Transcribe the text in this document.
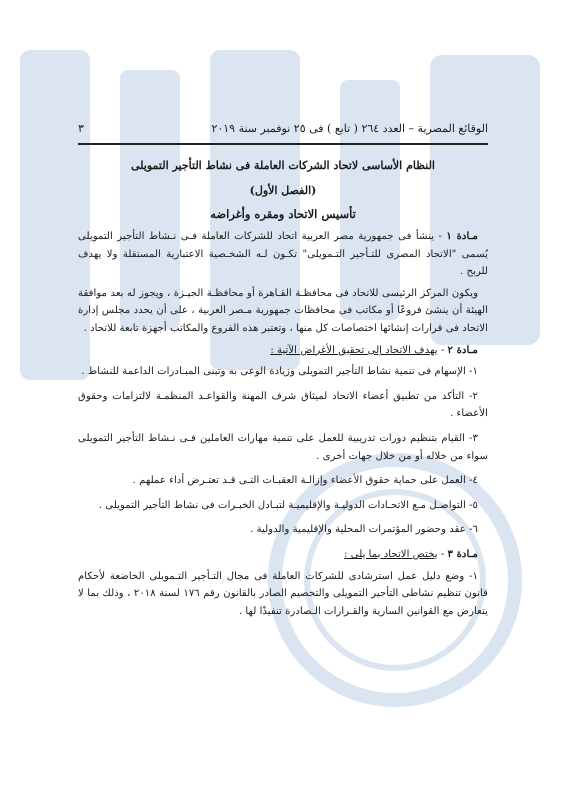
الوقائع المصرية – العدد ٢٦٤ ( تابع ) فى ٢٥ نوفمبر سنة ٢٠١٩
٣
النظام الأساسى لاتحاد الشركات العاملة فى نشاط التأجير التمويلى
(الفصل الأول)
تأسيس الاتحاد ومقره وأغراضه

مـادة ١ - ينشأ فى جمهورية مصر العربية اتحاد للشركات العاملة فـى نـشاط التأجير التمويلى يُسمى "الاتحاد المصرى للتـأجير التـمويلى" تكـون لـه الشخـصية الاعتبارية المستقلة ولا يهدف للربح .

ويكون المركز الرئيسى للاتحاد فى محافظـة القـاهرة أو محافظـة الجيـزة ، ويجوز له بعد موافقة الهيئة أن ينشئ فروعًا أو مكاتب فى محافظات جمهورية مـصر العربية ، على أن يحدد مجلس إدارة الاتحاد فى قرارات إنشائها اختصاصات كل منها ، وتعتبر هذه الفروع والمكاتب أجهزة تابعة للاتحاد .

مـادة ٢ - يهدف الاتحاد إلى تحقيق الأغراض الآتية :

١- الإسهام فى تنمية نشاط التأجير التمويلى وزيادة الوعى به وتبنى المبـادرات الداعمة للنشاط .

٢- التأكد من تطبيق أعضاء الاتحاد لميثاق شرف المهنة والقواعـد المنظمـة لالتزامات وحقوق الأعضاء .

٣- القيام بتنظيم دورات تدريبية للعمل على تنمية مهارات العاملين فـى نـشاط التأجير التمويلى سواء من خلاله أو من خلال جهات أخرى .

٤- العمل على حماية حقوق الأعضاء وإزالـة العقبـات التـى قـد تعتـرض أداء عملهم .

٥- التواصـل مـع الاتحـادات الدوليـة والإقليميـة لتبـادل الخبـرات فى نشاط التأجير التمويلى .

٦- عقد وحضور المؤتمرات المحلية والإقليمية والدولية .

مـادة ٣ - يختص الاتحاد بما يلى :

١- وضع دليل عمل استرشادى للشركات العاملة فى مجال التـأجير التـمويلى الخاضعة لأحكام قانون تنظيم نشاطى التأجير التمويلى والتخصيم الصادر بالقانون رقم ١٧٦ لسنة ٢٠١٨ ، وذلك بما لا يتعارض مع القوانين السارية والقـرارات الـصادرة تنفيذًا لها .
